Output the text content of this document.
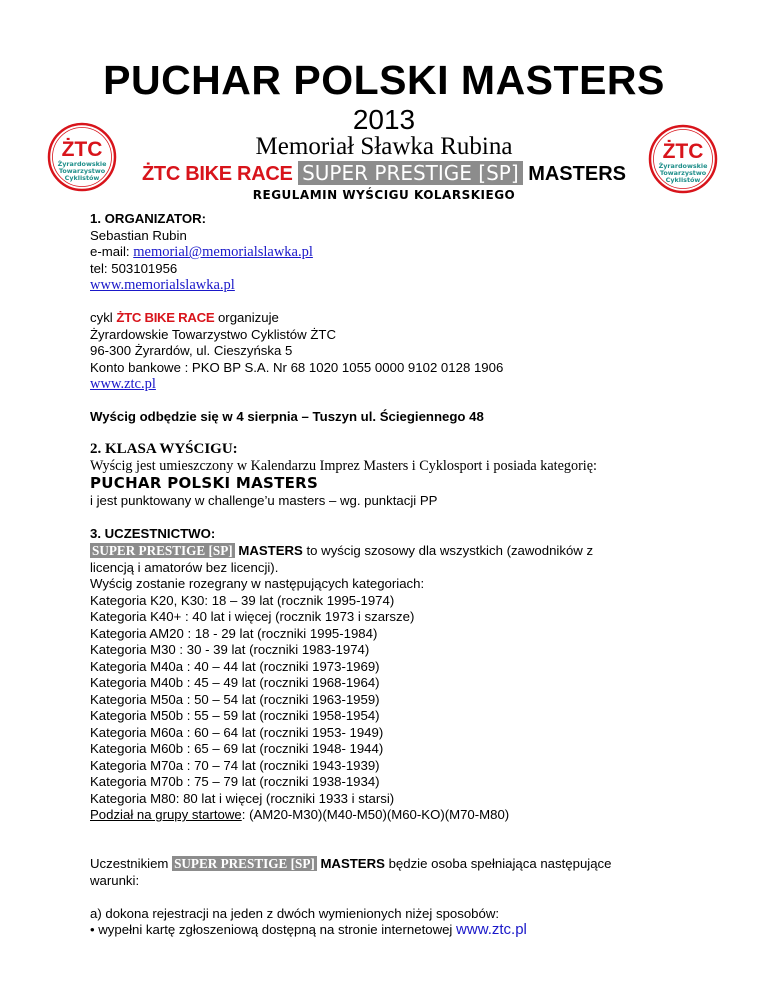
PUCHAR POLSKI MASTERS
2013
Memoriał Sławka Rubina
ŻTC BIKE RACE SUPER PRESTIGE [SP] MASTERS
REGULAMIN WYŚCIGU KOLARSKIEGO
ŻTC
Żyrardowskie
Towarzystwo
Cyklistów
ŻTC
Żyrardowskie
Towarzystwo
Cyklistów
1. ORGANIZATOR:
Sebastian Rubin
e-mail: memorial@memorialslawka.pl
tel: 503101956
www.memorialslawka.pl
cykl ŻTC BIKE RACE organizuje
Żyrardowskie Towarzystwo Cyklistów ŻTC
96-300 Żyrardów, ul. Cieszyńska 5
Konto bankowe : PKO BP S.A. Nr 68 1020 1055 0000 9102 0128 1906
www.ztc.pl
Wyścig odbędzie się w 4 sierpnia – Tuszyn ul. Ściegiennego 48
2. KLASA WYŚCIGU:
Wyścig jest umieszczony w Kalendarzu Imprez Masters i Cyklosport i posiada kategorię:
PUCHAR POLSKI MASTERS
i jest punktowany w challenge’u masters – wg. punktacji PP
3. UCZESTNICTWO:
SUPER PRESTIGE [SP] MASTERS to wyścig szosowy dla wszystkich (zawodników z
licencją i amatorów bez licencji).
Wyścig zostanie rozegrany w następujących kategoriach:
Kategoria K20, K30: 18 – 39 lat (rocznik 1995-1974)
Kategoria K40+ : 40 lat i więcej (rocznik 1973 i szarsze)
Kategoria AM20 : 18 - 29 lat (roczniki 1995-1984)
Kategoria M30 : 30 - 39 lat (roczniki 1983-1974)
Kategoria M40a : 40 – 44 lat (roczniki 1973-1969)
Kategoria M40b : 45 – 49 lat (roczniki 1968-1964)
Kategoria M50a : 50 – 54 lat (roczniki 1963-1959)
Kategoria M50b : 55 – 59 lat (roczniki 1958-1954)
Kategoria M60a : 60 – 64 lat (roczniki 1953- 1949)
Kategoria M60b : 65 – 69 lat (roczniki 1948- 1944)
Kategoria M70a : 70 – 74 lat (roczniki 1943-1939)
Kategoria M70b : 75 – 79 lat (roczniki 1938-1934)
Kategoria M80: 80 lat i więcej (roczniki 1933 i starsi)
Podział na grupy startowe: (AM20-M30)(M40-M50)(M60-KO)(M70-M80)
Uczestnikiem SUPER PRESTIGE [SP] MASTERS będzie osoba spełniająca następujące
warunki:
a) dokona rejestracji na jeden z dwóch wymienionych niżej sposobów:
• wypełni kartę zgłoszeniową dostępną na stronie internetowej www.ztc.pl
